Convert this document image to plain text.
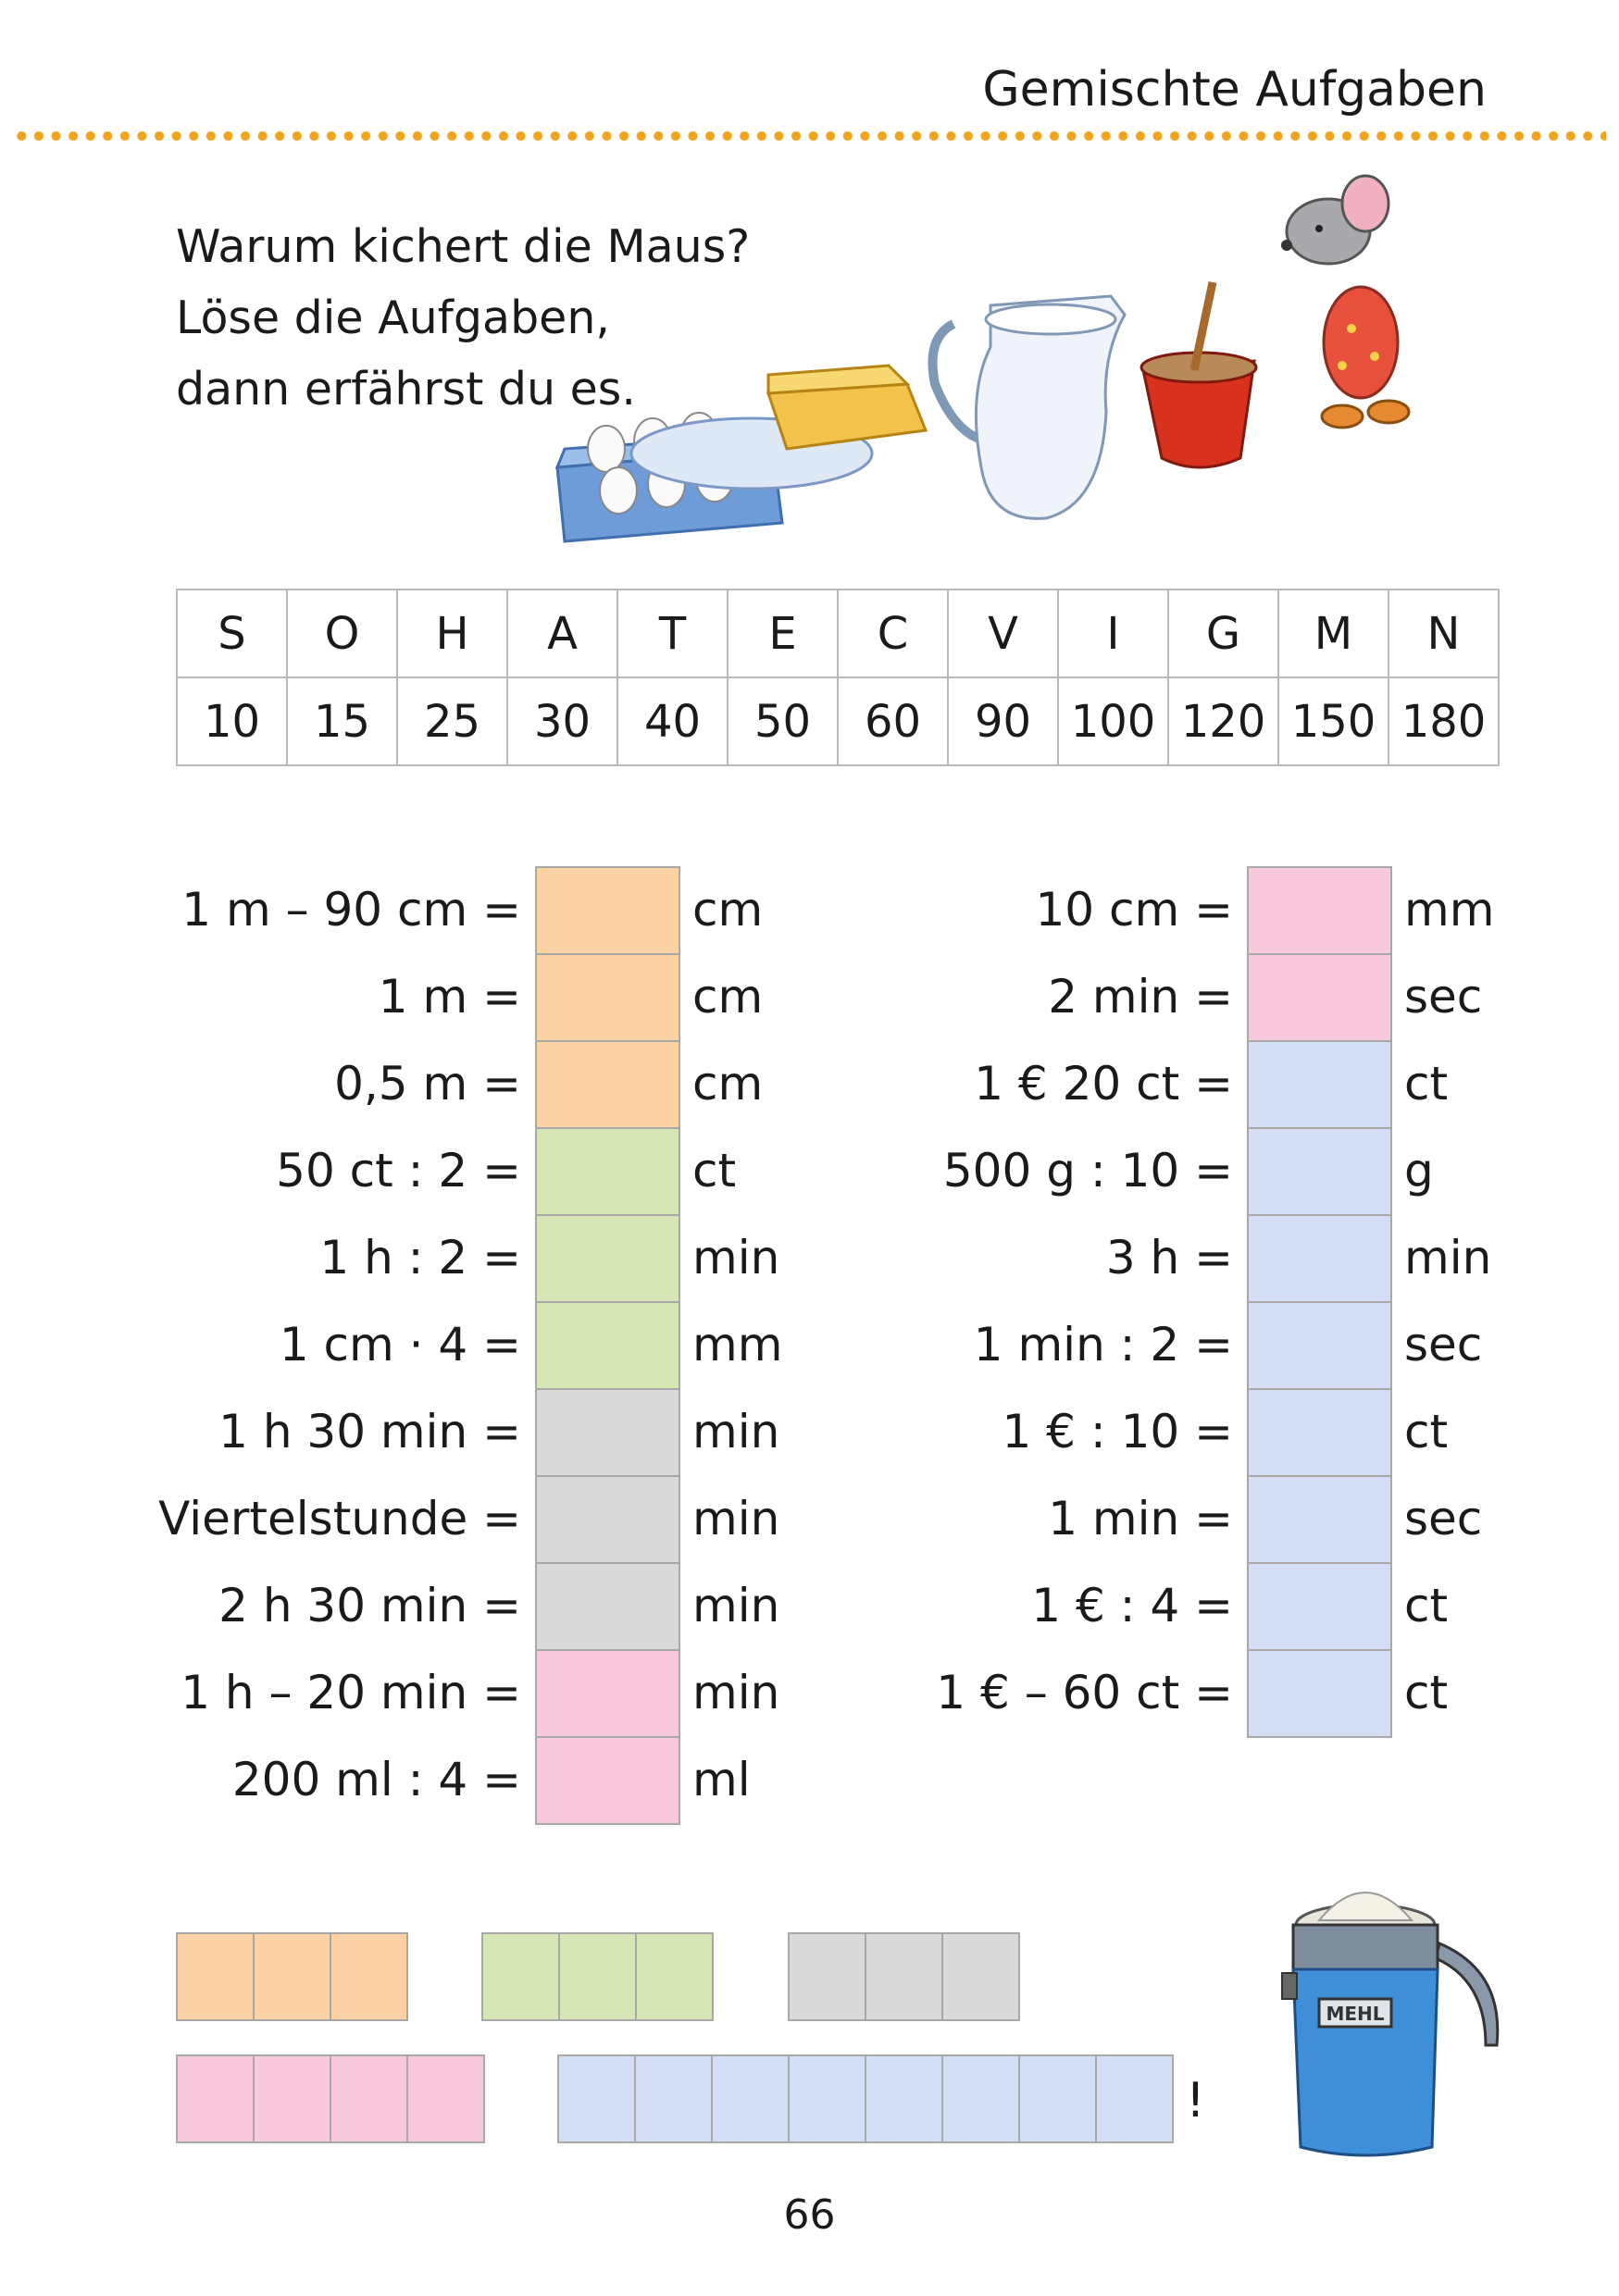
Gemischte Aufgaben
Warum kichert die Maus?
Löse die Aufgaben,
dann erfährst du es.
S	O	H	A	T	E	C	V	I	G	M	N
10	15	25	30	40	50	60	90	100	120	150	180
1 m – 90 cm =	cm
1 m =	cm
0,5 m =	cm
50 ct : 2 =	ct
1 h : 2 =	min
1 cm · 4 =	mm
1 h 30 min =	min
Viertelstunde =	min
2 h 30 min =	min
1 h – 20 min =	min
200 ml : 4 =	ml
10 cm =	mm
2 min =	sec
1 € 20 ct =	ct
500 g : 10 =	g
3 h =	min
1 min : 2 =	sec
1 € : 10 =	ct
1 min =	sec
1 € : 4 =	ct
1 € – 60 ct =	ct
!
MEHL
66
